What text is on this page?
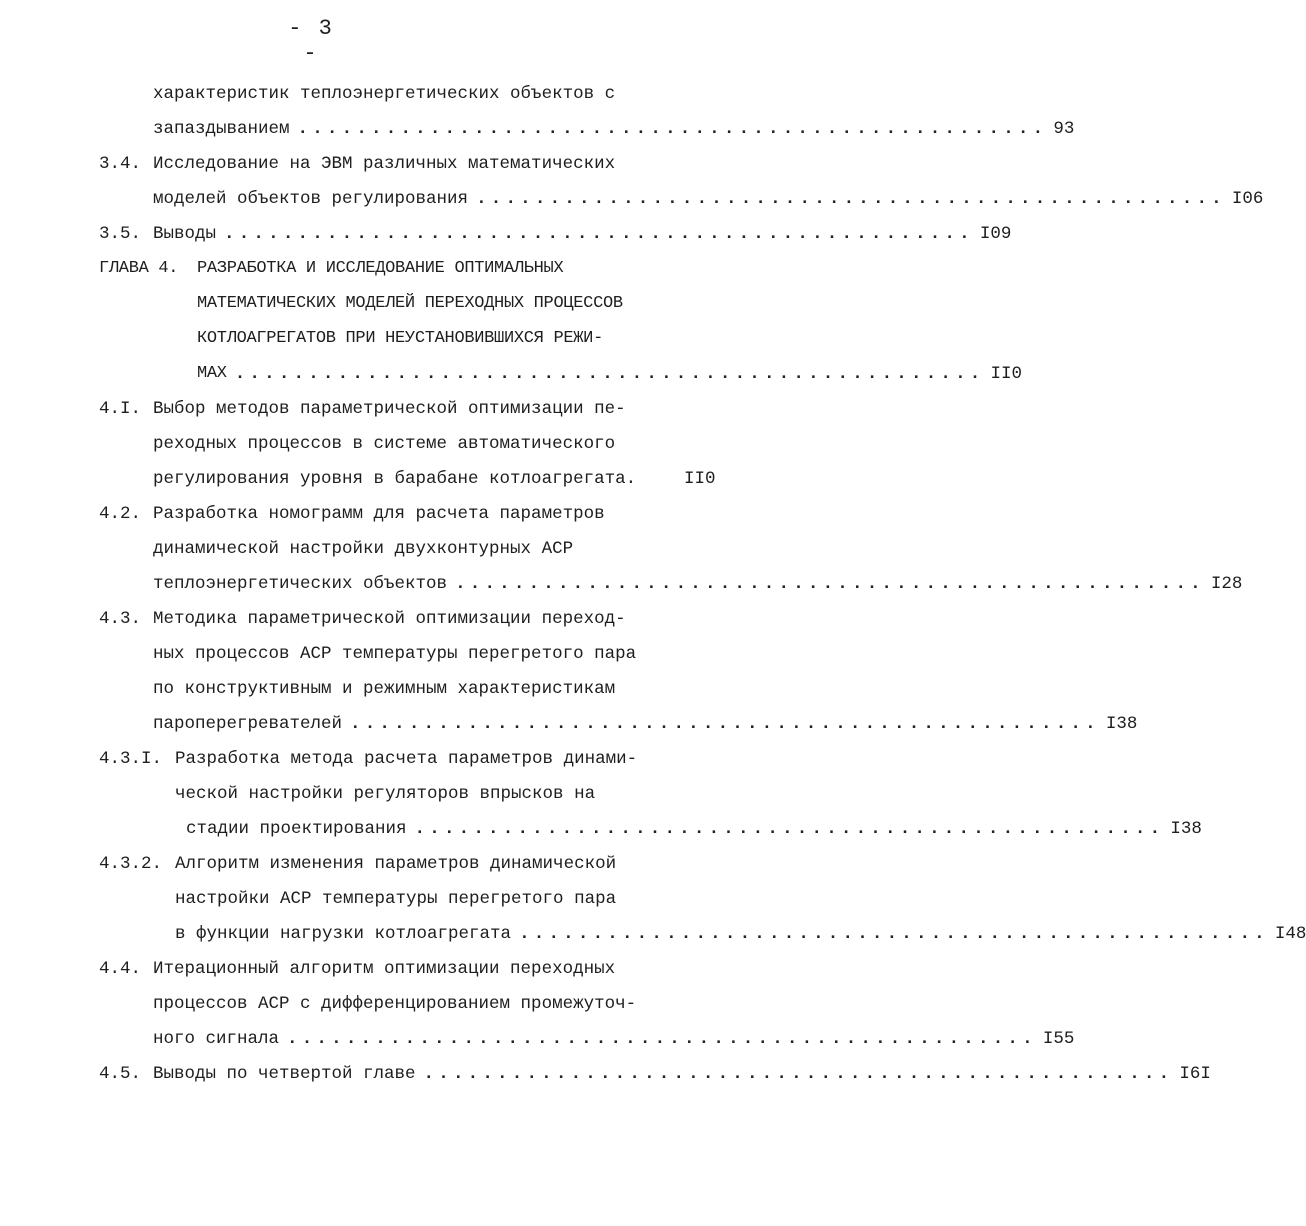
- 3 -
характеристик теплоэнергетических объектов с
запаздыванием ................................................... 93
3.4. Исследование на ЭВМ различных математических
моделей объектов регулирования ................................................... I06
3.5. Выводы ................................................... I09
ГЛАВА 4. РАЗРАБОТКА И ИССЛЕДОВАНИЕ ОПТИМАЛЬНЫХ
МАТЕМАТИЧЕСКИХ МОДЕЛЕЙ ПЕРЕХОДНЫХ ПРОЦЕССОВ
КОТЛОАГРЕГАТОВ ПРИ НЕУСТАНОВИВШИХСЯ РЕЖИ-
МАХ ................................................... II0
4.I. Выбор методов параметрической оптимизации пе-
реходных процессов в системе автоматического
регулирования уровня в барабане котлоагрегата.	II0
4.2. Разработка номограмм для расчета параметров
динамической настройки двухконтурных АСР
теплоэнергетических объектов ................................................... I28
4.3. Методика параметрической оптимизации переход-
ных процессов АСР температуры перегретого пара
по конструктивным и режимным характеристикам
пароперегревателей ................................................... I38
4.3.I. Разработка метода расчета параметров динами-
ческой настройки регуляторов впрысков на
стадии проектирования ................................................... I38
4.3.2. Алгоритм изменения параметров динамической
настройки АСР температуры перегретого пара
в функции нагрузки котлоагрегата ................................................... I48
4.4. Итерационный алгоритм оптимизации переходных
процессов АСР с дифференцированием промежуточ-
ного сигнала ................................................... I55
4.5. Выводы по четвертой главе ................................................... I6I
